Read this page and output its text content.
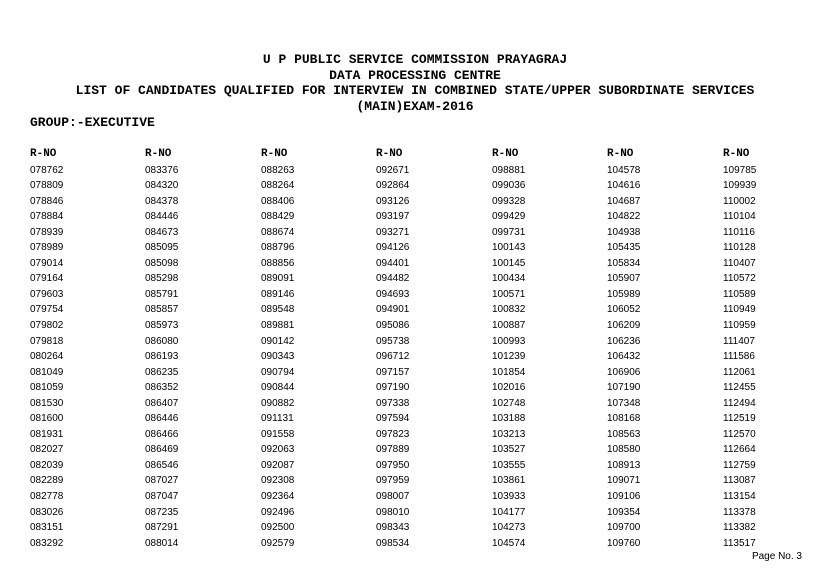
U P PUBLIC SERVICE COMMISSION PRAYAGRAJ
DATA PROCESSING CENTRE
LIST OF CANDIDATES QUALIFIED FOR INTERVIEW IN COMBINED STATE/UPPER SUBORDINATE SERVICES
(MAIN)EXAM-2016
GROUP:-EXECUTIVE
R-NO
078762
078809
078846
078884
078939
078989
079014
079164
079603
079754
079802
079818
080264
081049
081059
081530
081600
081931
082027
082039
082289
082778
083026
083151
083292
R-NO
083376
084320
084378
084446
084673
085095
085098
085298
085791
085857
085973
086080
086193
086235
086352
086407
086446
086466
086469
086546
087027
087047
087235
087291
088014
R-NO
088263
088264
088406
088429
088674
088796
088856
089091
089146
089548
089881
090142
090343
090794
090844
090882
091131
091558
092063
092087
092308
092364
092496
092500
092579
R-NO
092671
092864
093126
093197
093271
094126
094401
094482
094693
094901
095086
095738
096712
097157
097190
097338
097594
097823
097889
097950
097959
098007
098010
098343
098534
R-NO
098881
099036
099328
099429
099731
100143
100145
100434
100571
100832
100887
100993
101239
101854
102016
102748
103188
103213
103527
103555
103861
103933
104177
104273
104574
R-NO
104578
104616
104687
104822
104938
105435
105834
105907
105989
106052
106209
106236
106432
106906
107190
107348
108168
108563
108580
108913
109071
109106
109354
109700
109760
R-NO
109785
109939
110002
110104
110116
110128
110407
110572
110589
110949
110959
111407
111586
112061
112455
112494
112519
112570
112664
112759
113087
113154
113378
113382
113517
Page No. 3
